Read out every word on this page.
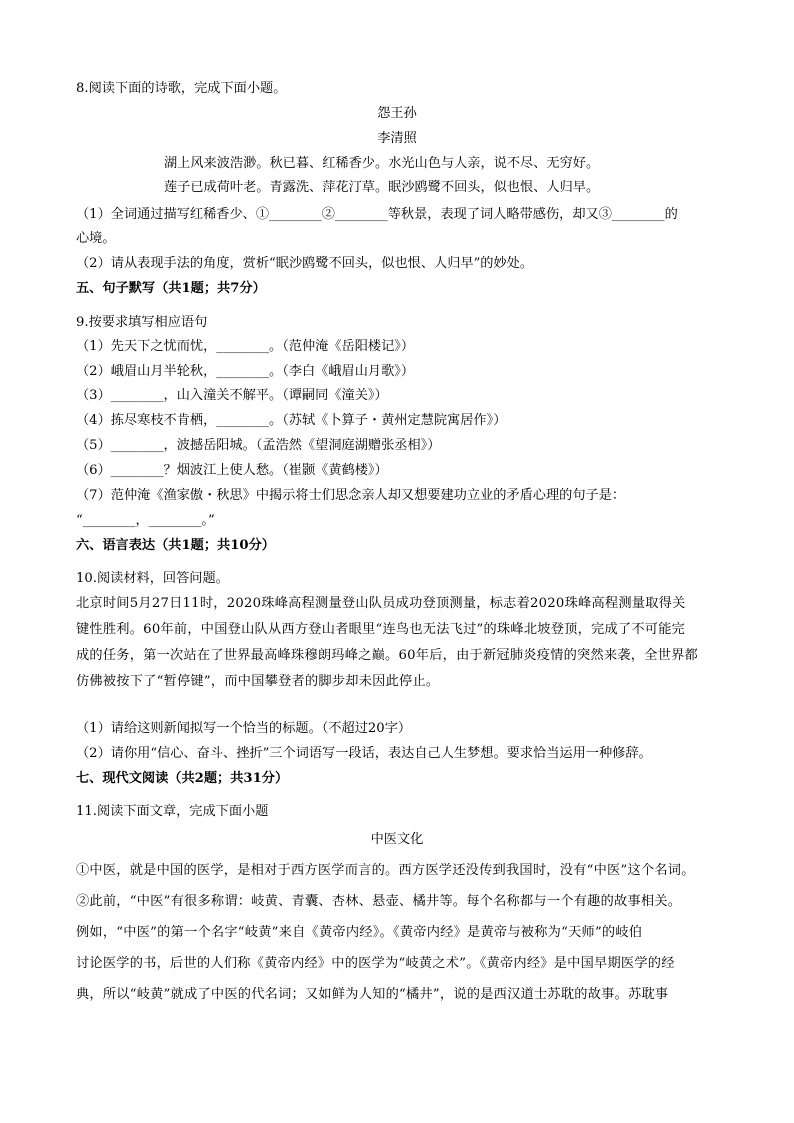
8.阅读下面的诗歌，完成下面小题。
怨王孙
李清照
湖上风来波浩渺。秋已暮、红稀香少。水光山色与人亲，说不尽、无穷好。
莲子已成荷叶老。青露洗、萍花汀草。眠沙鸥鹭不回头，似也恨、人归早。
（1）全词通过描写红稀香少、①________②________等秋景，表现了词人略带感伤，却又③________的
心境。
（2）请从表现手法的角度，赏析“眠沙鸥鹭不回头，似也恨、人归早”的妙处。
五、句子默写（共1题；共7分）
9.按要求填写相应语句
（1）先天下之忧而忧，________。（范仲淹《岳阳楼记》）
（2）峨眉山月半轮秋，________。（李白《峨眉山月歌》）
（3）________，山入潼关不解平。（谭嗣同《潼关》）
（4）拣尽寒枝不肯栖，________。（苏轼《卜算子・黄州定慧院寓居作》）
（5）________，波撼岳阳城。（孟浩然《望洞庭湖赠张丞相》）
（6）________？烟波江上使人愁。（崔颢《黄鹤楼》）
（7）范仲淹《渔家傲・秋思》中揭示将士们思念亲人却又想要建功立业的矛盾心理的句子是：
“________，________。”
六、语言表达（共1题；共10分）
10.阅读材料，回答问题。
北京时间5月27日11时，2020珠峰高程测量登山队员成功登顶测量，标志着2020珠峰高程测量取得关
键性胜利。60年前，中国登山队从西方登山者眼里“连鸟也无法飞过”的珠峰北坡登顶，完成了不可能完
成的任务，第一次站在了世界最高峰珠穆朗玛峰之巅。60年后，由于新冠肺炎疫情的突然来袭，全世界都
仿佛被按下了“暂停键”，而中国攀登者的脚步却未因此停止。
（1）请给这则新闻拟写一个恰当的标题。（不超过20字）
（2）请你用“信心、奋斗、挫折”三个词语写一段话，表达自己人生梦想。要求恰当运用一种修辞。
七、现代文阅读（共2题；共31分）
11.阅读下面文章，完成下面小题
中医文化
①中医，就是中国的医学，是相对于西方医学而言的。西方医学还没传到我国时，没有“中医”这个名词。
②此前，“中医”有很多称谓：岐黄、青囊、杏林、悬壶、橘井等。每个名称都与一个有趣的故事相关。
例如，“中医”的第一个名字“岐黄”来自《黄帝内经》。《黄帝内经》是黄帝与被称为“天师”的岐伯
讨论医学的书，后世的人们称《黄帝内经》中的医学为“岐黄之术”。《黄帝内经》是中国早期医学的经
典，所以“岐黄”就成了中医的代名词；又如鲜为人知的“橘井”，说的是西汉道士苏耽的故事。苏耽事
